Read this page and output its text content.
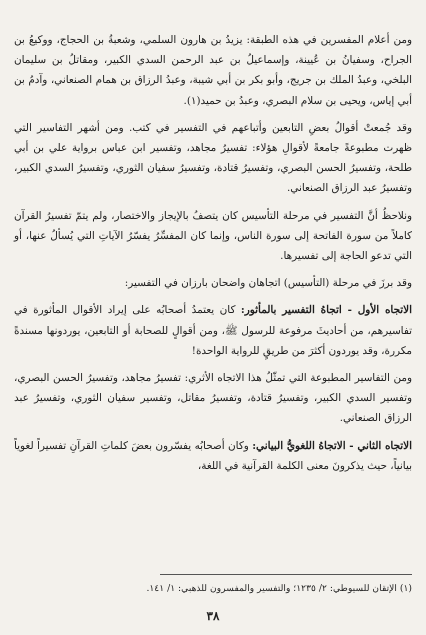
ومن أعلام المفسرين في هذه الطبقة: يزيدُ بن هارون السلمي، وشعبةُ بن الحجاج، ووكيعُ بن الجراح، وسفيانُ بن عُيينة، وإسماعيلُ بن عبد الرحمن السدي الكبير، ومقاتلُ بن سليمان البلخي، وعبدُ الملك بن جريج، وأبو بكر بن أبي شيبة، وعبدُ الرزاق بن همام الصنعاني، وآدمُ بن أبي إياس، ويحيى بن سلام البصري، وعبدُ بن حميد(١).

وقد جُمعتْ أقوالُ بعضِ التابعين وأتباعهم في التفسير في كتب. ومن أشهر التفاسير التي ظهرت مطبوعةً جامعةً لأقوالِ هؤلاء: تفسيرُ مجاهد، وتفسير ابن عباس برواية علي بن أبي طلحة، وتفسيرُ الحسن البصري، وتفسيرُ قتادة، وتفسيرُ سفيان الثوري، وتفسيرُ السدي الكبير، وتفسيرُ عبد الرزاق الصنعاني.

ونلاحظُ أنَّ التفسير في مرحلة التأسيس كان يتصفُ بالإيجاز والاختصار، ولم يتمّ تفسيرُ القرآن كاملاً من سورة الفاتحة إلى سورة الناس، وإنما كان المفسِّرُ يفسّرُ الآياتِ التي يُسألُ عنها، أو التي تدعو الحاجة إلى تفسيرها.

وقد برزَ في مرحلة (التأسيس) اتجاهان واضحان بارزان في التفسير:

الاتجاه الأول - اتجاهُ التفسير بالمأثور: كان يعتمدُ أصحابُه على إيراد الأقوال المأثورة في تفاسيرهم، من أحاديثَ مرفوعة للرسول ﷺ، ومن أقوالٍ للصحابة أو التابعين، يوردونها مسندةً مكررة، وقد يوردون أكثرَ من طريقٍ للرواية الواحدة!

ومن التفاسير المطبوعة التي تمثّلُ هذا الاتجاه الأثري: تفسيرُ مجاهد، وتفسيرُ الحسن البصري، وتفسير السدي الكبير، وتفسيرُ قتادة، وتفسيرُ مقاتل، وتفسير سفيان الثوري، وتفسيرُ عبد الرزاق الصنعاني.

الاتجاه الثاني - الاتجاهُ اللغويُّ البياني: وكان أصحابُه يفسّرون بعضَ كلماتِ القرآنِ تفسيراً لغوياً بيانياً، حيث يذكرونَ معنى الكلمة القرآنية في اللغة،

(١) الإتقان للسيوطي: ٢/ ١٢٣٥؛ والتفسير والمفسرون للذهبي: ١/ ١٤١.
٣٨
